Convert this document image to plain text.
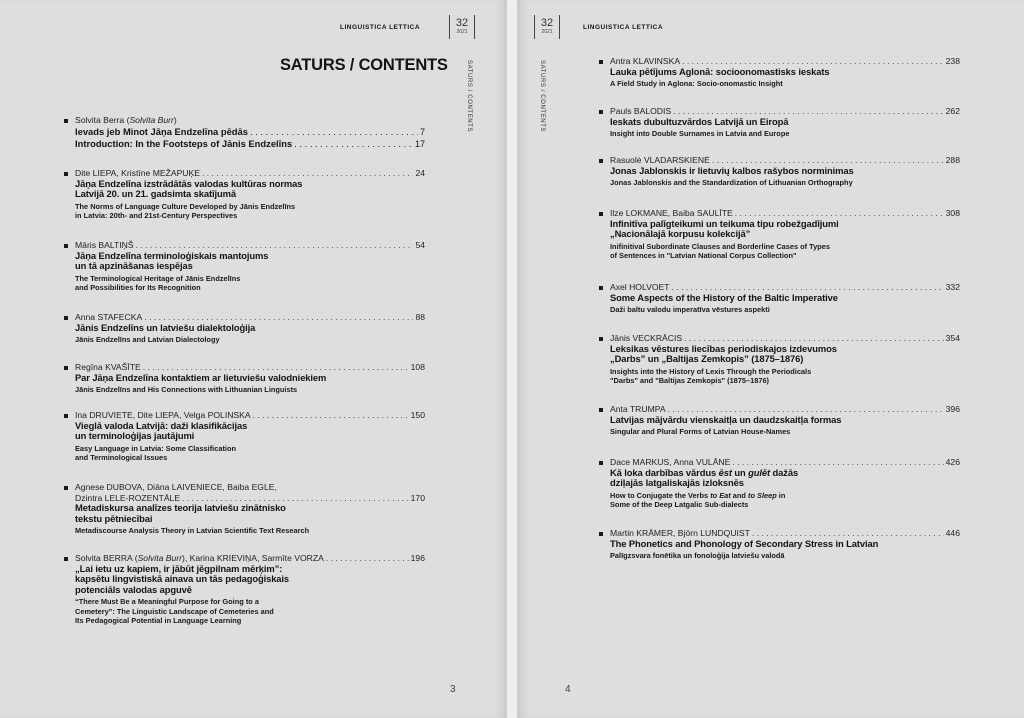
LINGUISTICA LETTICA	32
2021
SATURS / CONTENTS
SATURS / CONTENTS
Solvita Berra (Solvita Burr)
Ievads jeb Minot Jāņa Endzelīna pēdās . . .	7
Introduction: In the Footsteps of Jānis Endzelīns . . .	17
Dite LIEPA, Kristīne MEŽAPUĶE . . .	24
Jāņa Endzelīna izstrādātās valodas kultūras normas
Latvijā 20. un 21. gadsimta skatījumā
The Norms of Language Culture Developed by Jānis Endzelīns
in Latvia: 20th- and 21st-Century Perspectives
Māris BALTIŅŠ . . .	54
Jāņa Endzelīna terminoloģiskais mantojums
un tā apzināšanas iespējas
The Terminological Heritage of Jānis Endzelīns
and Possibilities for Its Recognition
Anna STAFECKA . . .	88
Jānis Endzelīns un latviešu dialektoloģija
Jānis Endzelīns and Latvian Dialectology
Regīna KVAŠĪTE . . .	108
Par Jāņa Endzelīna kontaktiem ar lietuviešu valodniekiem
Jānis Endzelīns and His Connections with Lithuanian Linguists
Ina DRUVIETE, Dite LIEPA, Velga POLINSKA . . .	150
Vieglā valoda Latvijā: daži klasifikācijas
un terminoloģijas jautājumi
Easy Language in Latvia: Some Classification
and Terminological Issues
Agnese DUBOVA, Diāna LAIVENIECE, Baiba EGLE,
Dzintra LELE-ROZENTĀLE . . .	170
Metadiskursa analīzes teorija latviešu zinātnisko
tekstu pētniecībai
Metadiscourse Analysis Theory in Latvian Scientific Text Research
Solvita BERRA (Solvita Burr), Karina KRIEVIŅA, Sarmīte VORZA . . .	196
„Lai ietu uz kapiem, ir jābūt jēgpilnam mērķim”:
kapsētu lingvistiskā ainava un tās pedagoģiskais
potenciāls valodas apguvē
“There Must Be a Meaningful Purpose for Going to a
Cemetery”: The Linguistic Landscape of Cemeteries and
Its Pedagogical Potential in Language Learning
3
32
2021
LINGUISTICA LETTICA
SATURS / CONTENTS	Antra KLAVINSKA . . .	238
Lauka pētījums Aglonā: socioonomastisks ieskats
A Field Study in Aglona: Socio-onomastic Insight
Pauls BALODIS . . .	262
Ieskats dubultuzvārdos Latvijā un Eiropā
Insight into Double Surnames in Latvia and Europe
Rasuolė VLADARSKIENĖ . . .	288
Jonas Jablonskis ir lietuvių kalbos rašybos norminimas
Jonas Jablonskis and the Standardization of Lithuanian Orthography
Ilze LOKMANE, Baiba SAULĪTE . . .	308
Infinitīva palīgteikumi un teikuma tipu robežgadījumi
„Nacionālajā korpusu kolekcijā”
Inifinitival Subordinate Clauses and Borderline Cases of Types
of Sentences in "Latvian National Corpus Collection"
Axel HOLVOET . . .	332
Some Aspects of the History of the Baltic Imperative
Daži baltu valodu imperatīva vēstures aspekti
Jānis VECKRĀCIS . . .	354
Leksikas vēstures liecības periodiskajos izdevumos
„Darbs” un „Baltijas Zemkopis” (1875–1876)
Insights into the History of Lexis Through the Periodicals
"Darbs" and "Baltijas Zemkopis" (1875–1876)
Anta TRUMPA . . .	396
Latvijas mājvārdu vienskaitļa un daudzskaitļa formas
Singular and Plural Forms of Latvian House-Names
Dace MARKUS, Anna VULĀNE . . .	426
Kā loka darbības vārdus ēst un gulēt dažās
dziļajās latgaliskajās izloksnēs
How to Conjugate the Verbs to Eat and to Sleep in
Some of the Deep Latgalic Sub-dialects
Martin KRÄMER, Björn LUNDQUIST . . .	446
The Phonetics and Phonology of Secondary Stress in Latvian
Palīgzsvara fonētika un fonoloģija latviešu valodā
4
